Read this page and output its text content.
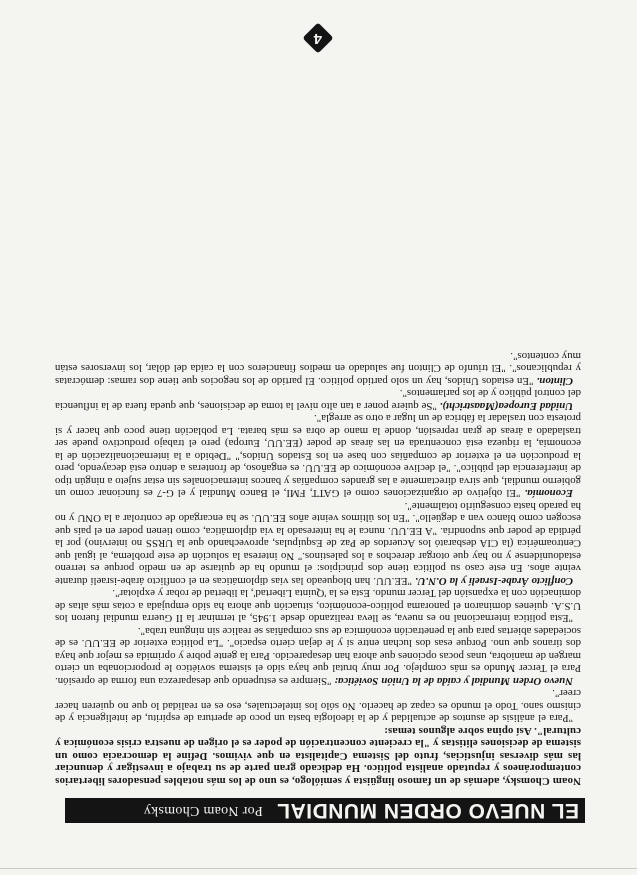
EL NUEVO ORDEN MUNDIAL
Por Noam Chomsky

Noam Chomsky, además de un famoso lingüista y semiólogo, es uno de los más notables pensadores libertarios contemporáneos y reputado analista político. Ha dedicado gran parte de su trabajo a investigar y denunciar las más diversas injusticias, fruto del Sistema Capitalista en que vivimos. Define la democracia como un sistema de decisiones elitistas y "la creciente concentración de poder es el origen de nuestra crisis económica y cultural". Así opina sobre algunos temas:

"Para el análisis de asuntos de actualidad y de la ideología basta un poco de apertura de espíritu, de inteligencia y de cinismo sano. Todo el mundo es capaz de hacerlo. No sólo los intelectuales, eso es en realidad lo que no quieren hacer creer".

Nuevo Orden Mundial y caída de la Unión Soviética: "Siempre es estupendo que desaparezca una forma de opresión. Para el Tercer Mundo es más complejo. Por muy brutal que haya sido el sistema soviético le proporcionaba un cierto margen de maniobra, unas pocas opciones que ahora han desaparecido. Para la gente pobre y oprimida es mejor que haya dos tiranos que uno. Porque esas dos luchan entre sí y le dejan cierto espacio". "La política exterior de EE.UU. es de sociedades abiertas para que la penetración económica de sus compañías se realice sin ninguna traba".

"Esta política internacional no es nueva, se lleva realizando desde 1.945, al terminar la II Guerra mundial fueron los U.S.A. quienes dominaron el panorama político-económico, situación que ahora ha sido empujada a cotas más altas de dominación con la expansión del Tercer mundo. Esta es la 'Quinta Libertad', la libertad de robar y explotar".

Conflicto Árabe-Israelí y la O.N.U. "EE.UU. han bloqueado las vías diplomáticas en el conflicto árabe-israelí durante veinte años. En este caso su política tiene dos principios: el mundo ha de quitarse de en medio porque es terreno estadounidense y no hay que otorgar derechos a los palestinos." No interesa la solución de este problema, al igual que Centroamérica (la CIA desbarató los Acuerdos de Paz de Esquipulas, aprovechando que la URSS no intervino) por la pérdida de poder que supondría. "A EE.UU. nunca le ha interesado la vía diplomática, como tienen poder en el país que escogen como blanco van a degüello". "En los últimos veinte años EE.UU. se ha encargado de controlar a la ONU y no ha parado hasta conseguirlo totalmente".

Economía. "El objetivo de organizaciones como el GATT, FMI, el Banco Mundial y el G-7 es funcionar como un gobierno mundial, que sirva directamente a las grandes compañías y bancos internacionales sin estar sujeto a ningún tipo de interferencia del público". "el declive económico de EE.UU. es engañoso, de fronteras a dentro está decayendo, pero la producción en el exterior de compañías con base en los Estados Unidos," "Debido a la internacionalización de la economía, la riqueza está concentrada en las áreas de poder (EE.UU, Europa) pero el trabajo productivo puede ser trasladado a áreas de gran represión, donde la mano de obra es más barata. La población tiene poco que hacer y si protesta con trasladar la fábrica de un lugar a otro se arregla".

Unidad Europea(Maastricht). "Se quiere poner a tan alto nivel la toma de decisiones, que queda fuera de la influencia del control público y de los parlamentos".

Clinton. "En estados Unidos, hay un solo partido político. El partido de los negocios que tiene dos ramas: demócratas y republicanos". "El triunfo de Clinton fue saludado en medios financieros con la caída del dólar, los inversores están muy contentos".

4
